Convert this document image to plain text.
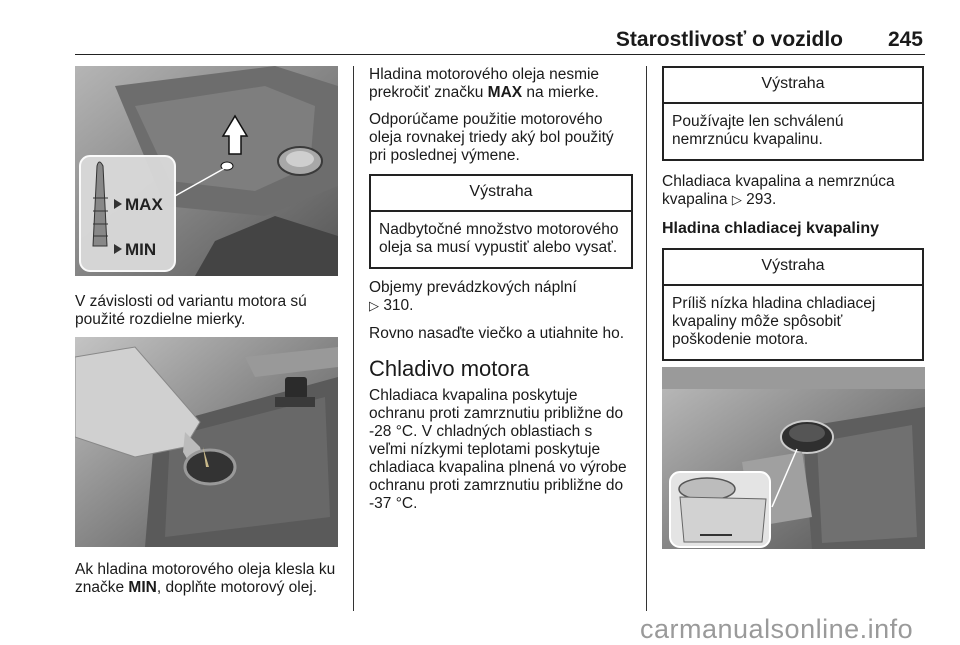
Starostlivosť o vozidlo 245
MAX
MIN

V závislosti od variantu motora sú použité rozdielne mierky.

Ak hladina motorového oleja klesla ku značke MIN, doplňte motorový olej.

Hladina motorového oleja nesmie prekročiť značku MAX na mierke.

Odporúčame použitie motorového oleja rovnakej triedy aký bol použitý pri poslednej výmene.

Výstraha
Nadbytočné množstvo motorového oleja sa musí vypustiť alebo vysať.

Objemy prevádzkových náplní
▷ 310.

Rovno nasaďte viečko a utiahnite ho.

Chladivo motora

Chladiaca kvapalina poskytuje ochranu proti zamrznutiu približne do -28 °C. V chladných oblastiach s veľmi nízkymi teplotami poskytuje chladiaca kvapalina plnená vo výrobe ochranu proti zamrznutiu približne do -37 °C.

Výstraha
Používajte len schválenú nemrznúcu kvapalinu.

Chladiaca kvapalina a nemrznúca kvapalina ▷ 293.

Hladina chladiacej kvapaliny
Výstraha
Príliš nízka hladina chladiacej kvapaliny môže spôsobiť poškodenie motora.
carmanualsonline.info
